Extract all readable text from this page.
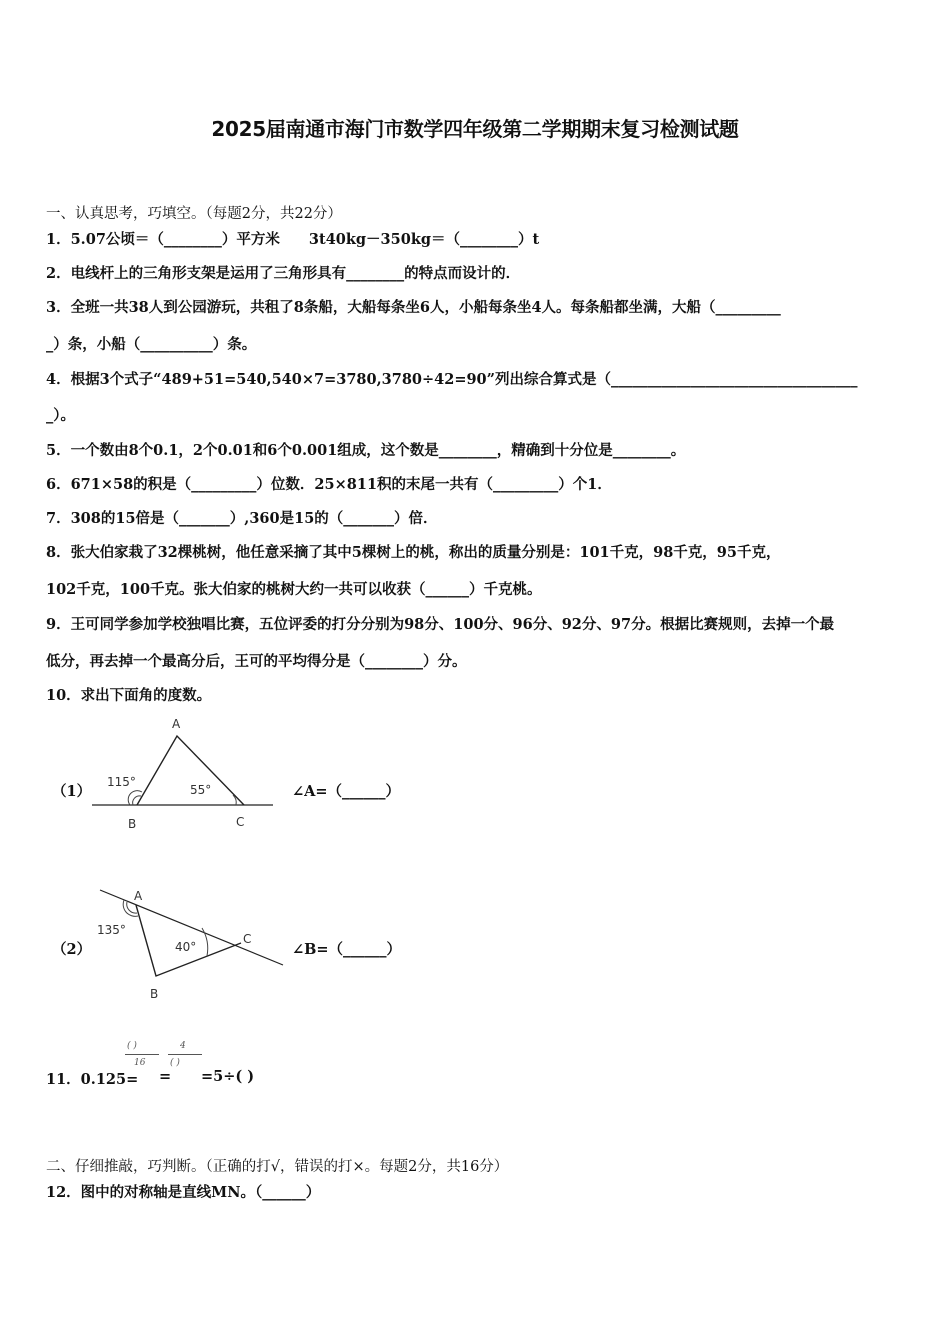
2025届南通市海门市数学四年级第二学期期末复习检测试题
一、认真思考，巧填空。（每题2分，共22分）
1．5.07公顷＝（________）平方米　　3t40kg－350kg＝（________）t
2．电线杆上的三角形支架是运用了三角形具有________的特点而设计的．
3．全班一共38人到公园游玩，共租了8条船，大船每条坐6人，小船每条坐4人。每条船都坐满，大船（_________
_）条，小船（__________）条。
4．根据3个式子“489+51=540,540×7=3780,3780÷42=90”列出综合算式是（__________________________________
_）。
5．一个数由8个0.1，2个0.01和6个0.001组成，这个数是________，精确到十分位是________。
6．671×58的积是（_________）位数．25×811积的末尾一共有（_________）个1．
7．308的15倍是（_______）,360是15的（_______）倍．
8．张大伯家栽了32棵桃树，他任意采摘了其中5棵树上的桃，称出的质量分别是：101千克，98千克，95千克，
102千克，100千克。张大伯家的桃树大约一共可以收获（______）千克桃。
9．王可同学参加学校独唱比赛，五位评委的打分分别为98分、100分、96分、92分、97分。根据比赛规则，去掉一个最
低分，再去掉一个最高分后，王可的平均得分是（________）分。
10．求出下面角的度数。
（1）
A
B	C
115°
55°	∠A=（______）
（2）
A
B
C
135°
40°	∠B=（______）
11．0.125=
( )
16
=
4
( )
=5÷( )
二、仔细推敲，巧判断。（正确的打√，错误的打×。每题2分，共16分）
12．图中的对称轴是直线MN。（______）
